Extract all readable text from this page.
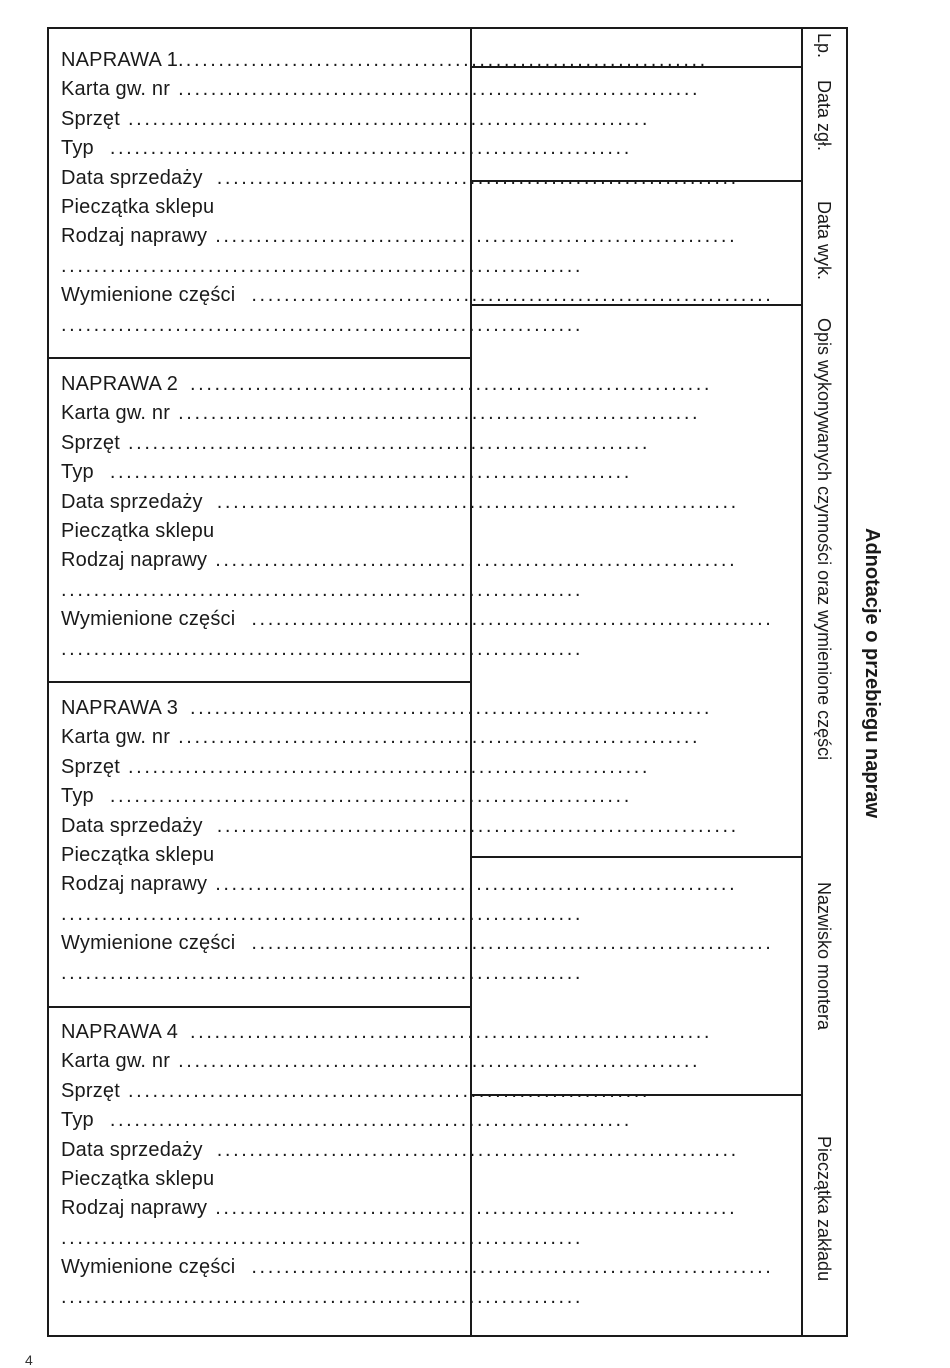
NAPRAWA 1. ................................................................
Karta gw. nr ................................................................
Sprzęt ................................................................
Typ ................................................................
Data sprzedaży ................................................................
Pieczątka sklepu
Rodzaj naprawy ................................................................
................................................................
Wymienione części ................................................................
................................................................
NAPRAWA 2 ................................................................
Karta gw. nr ................................................................
Sprzęt ................................................................
Typ ................................................................
Data sprzedaży ................................................................
Pieczątka sklepu
Rodzaj naprawy ................................................................
................................................................
Wymienione części ................................................................
................................................................
NAPRAWA 3 ................................................................
Karta gw. nr ................................................................
Sprzęt ................................................................
Typ ................................................................
Data sprzedaży ................................................................
Pieczątka sklepu
Rodzaj naprawy ................................................................
................................................................
Wymienione części ................................................................
................................................................
NAPRAWA 4 ................................................................
Karta gw. nr ................................................................
Sprzęt ................................................................
Typ ................................................................
Data sprzedaży ................................................................
Pieczątka sklepu
Rodzaj naprawy ................................................................
................................................................
Wymienione części ................................................................
................................................................
Lp.
Data zgł.
Data wyk.
Opis wykonywanych czynności oraz wymienione części
Nazwisko montera
Pieczątka zakładu
Adnotacje o przebiegu napraw
4
